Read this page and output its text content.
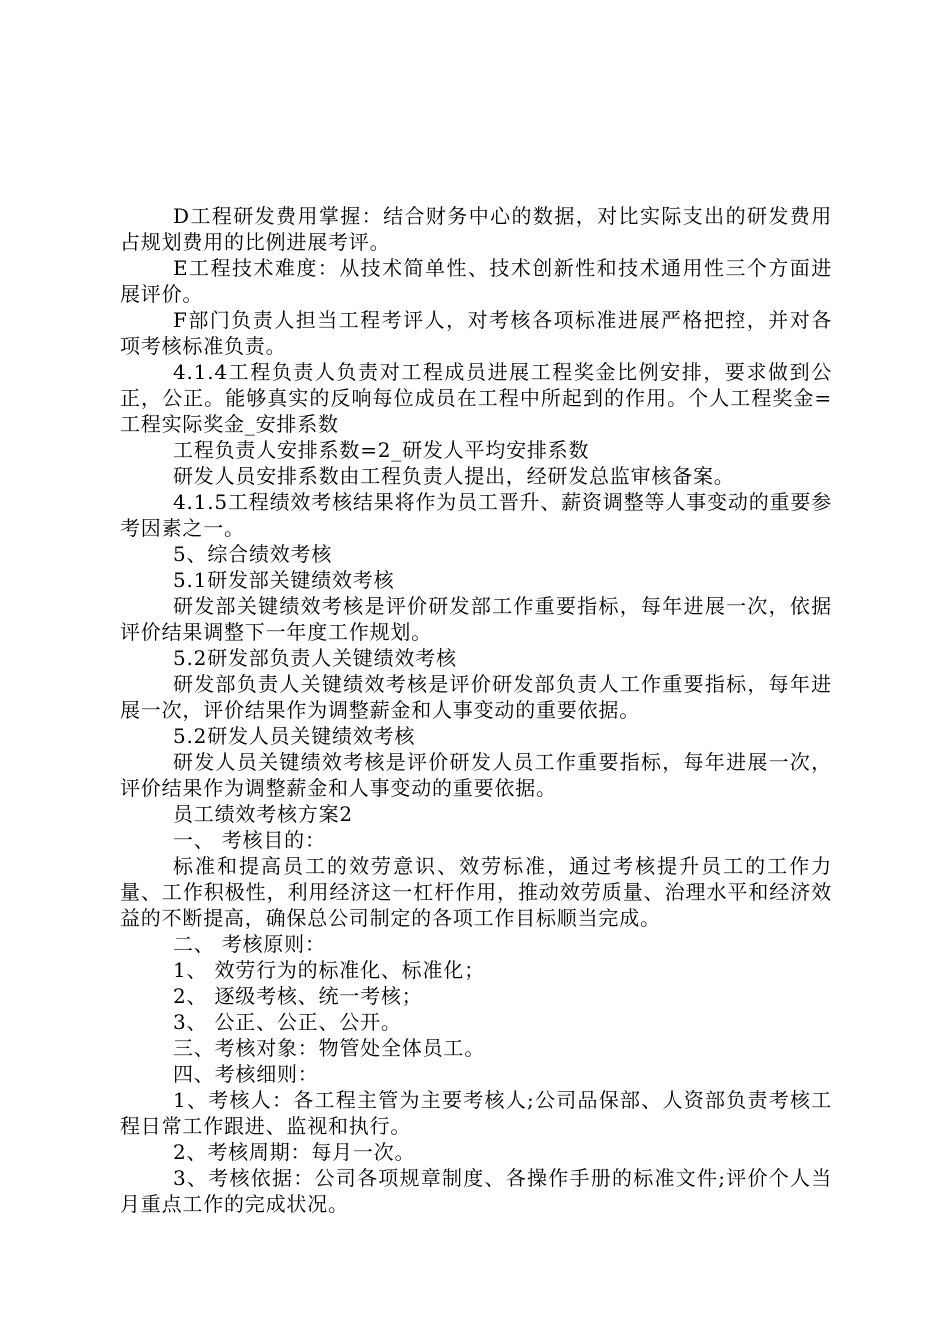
D工程研发费用掌握：结合财务中心的数据，对比实际支出的研发费用占规划费用的比例进展考评。

E工程技术难度：从技术简单性、技术创新性和技术通用性三个方面进展评价。

F部门负责人担当工程考评人，对考核各项标准进展严格把控，并对各项考核标准负责。

4.1.4工程负责人负责对工程成员进展工程奖金比例安排，要求做到公正，公正。能够真实的反响每位成员在工程中所起到的作用。个人工程奖金=工程实际奖金_安排系数

工程负责人安排系数=2_研发人平均安排系数

研发人员安排系数由工程负责人提出，经研发总监审核备案。

4.1.5工程绩效考核结果将作为员工晋升、薪资调整等人事变动的重要参考因素之一。

5、综合绩效考核

5.1研发部关键绩效考核

研发部关键绩效考核是评价研发部工作重要指标，每年进展一次，依据评价结果调整下一年度工作规划。

5.2研发部负责人关键绩效考核

研发部负责人关键绩效考核是评价研发部负责人工作重要指标，每年进展一次，评价结果作为调整薪金和人事变动的重要依据。

5.2研发人员关键绩效考核

研发人员关键绩效考核是评价研发人员工作重要指标，每年进展一次，评价结果作为调整薪金和人事变动的重要依据。

员工绩效考核方案2

一、 考核目的：

标准和提高员工的效劳意识、效劳标准，通过考核提升员工的工作力量、工作积极性，利用经济这一杠杆作用，推动效劳质量、治理水平和经济效益的不断提高，确保总公司制定的各项工作目标顺当完成。

二、 考核原则：

1、 效劳行为的标准化、标准化；

2、 逐级考核、统一考核；

3、 公正、公正、公开。

三、考核对象：物管处全体员工。

四、考核细则：

1、考核人：各工程主管为主要考核人;公司品保部、人资部负责考核工程日常工作跟进、监视和执行。

2、考核周期：每月一次。

3、考核依据：公司各项规章制度、各操作手册的标准文件;评价个人当月重点工作的完成状况。
